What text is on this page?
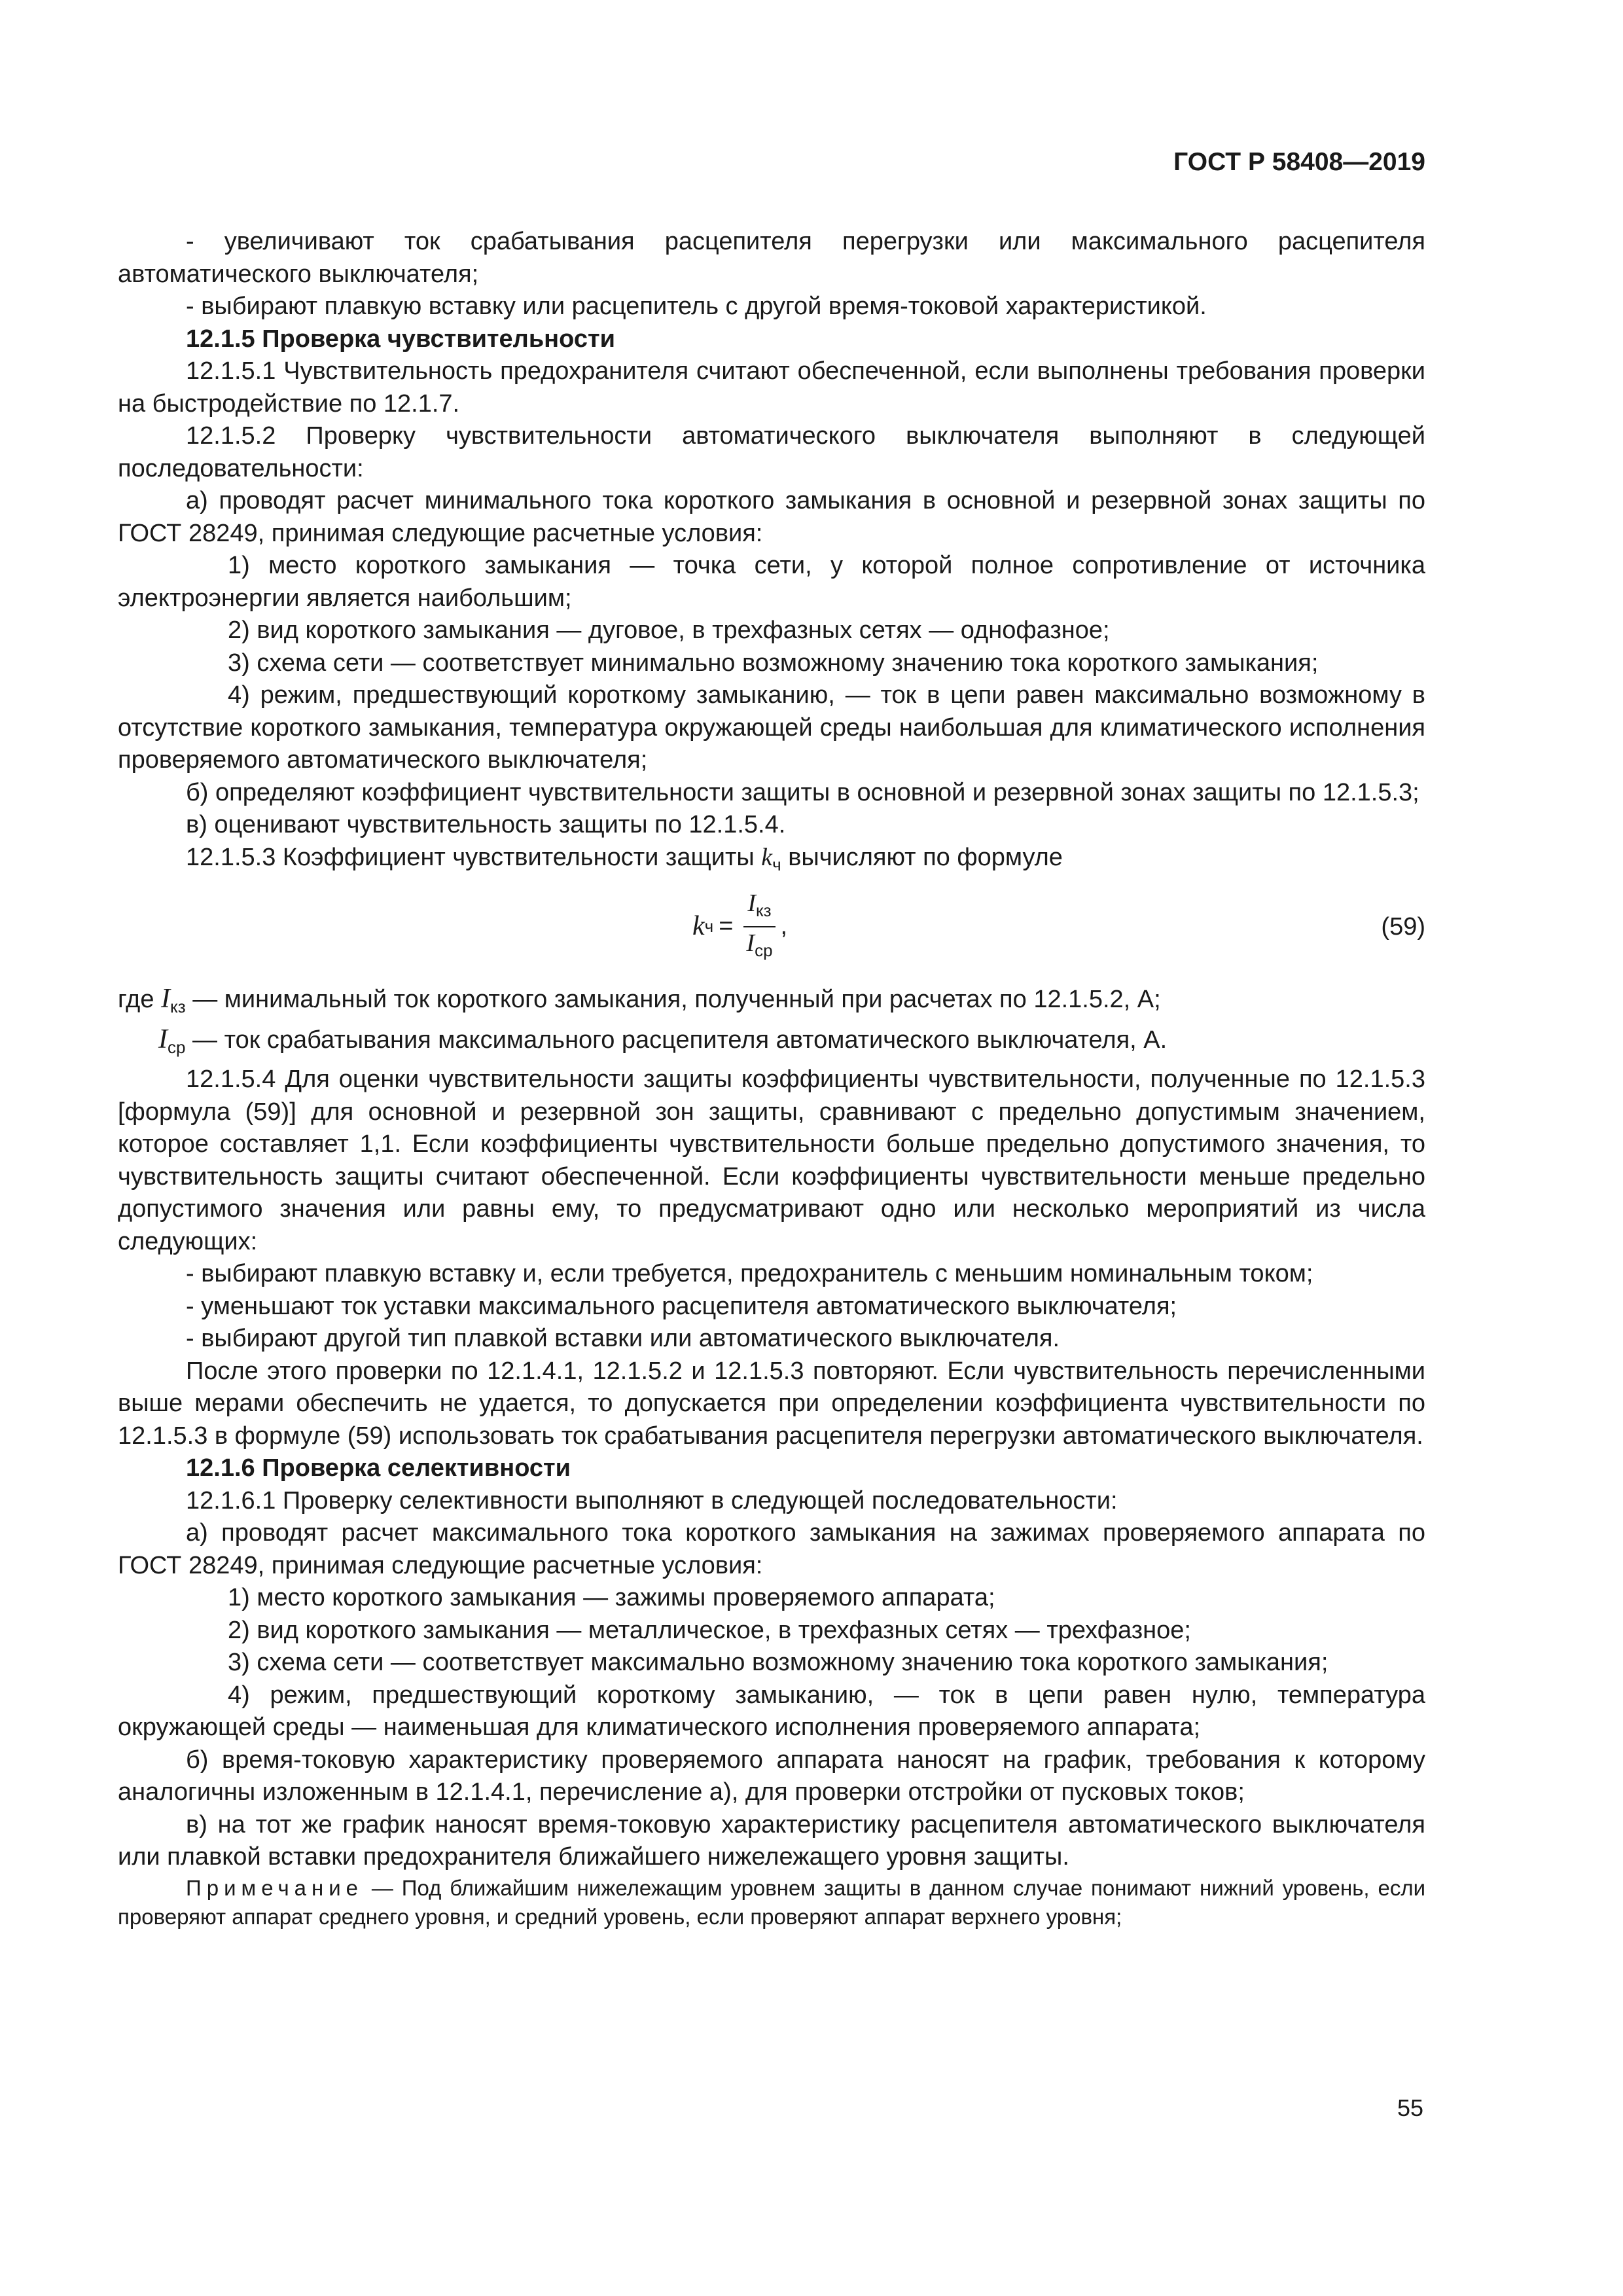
ГОСТ Р 58408—2019

- увеличивают ток срабатывания расцепителя перегрузки или максимального расцепителя автоматического выключателя;

- выбирают плавкую вставку или расцепитель с другой время-токовой характеристикой.

12.1.5 Проверка чувствительности

12.1.5.1 Чувствительность предохранителя считают обеспеченной, если выполнены требования проверки на быстродействие по 12.1.7.

12.1.5.2 Проверку чувствительности автоматического выключателя выполняют в следующей последовательности:

а) проводят расчет минимального тока короткого замыкания в основной и резервной зонах защиты по ГОСТ 28249, принимая следующие расчетные условия:

1) место короткого замыкания — точка сети, у которой полное сопротивление от источника электроэнергии является наибольшим;

2) вид короткого замыкания — дуговое, в трехфазных сетях — однофазное;

3) схема сети — соответствует минимально возможному значению тока короткого замыкания;

4) режим, предшествующий короткому замыканию, — ток в цепи равен максимально возможному в отсутствие короткого замыкания, температура окружающей среды наибольшая для климатического исполнения проверяемого автоматического выключателя;

б) определяют коэффициент чувствительности защиты в основной и резервной зонах защиты по 12.1.5.3;

в) оценивают чувствительность защиты по 12.1.5.4.

12.1.5.3 Коэффициент чувствительности защиты $k_ч$ вычисляют по формуле

k $ч = \frac{I_{кз}}{I_{ср}}$ ,	(59)

где $I_{кз}$ — минимальный ток короткого замыкания, полученный при расчетах по 12.1.5.2, А;

$I_{ср}$ — ток срабатывания максимального расцепителя автоматического выключателя, А.

12.1.5.4 Для оценки чувствительности защиты коэффициенты чувствительности, полученные по 12.1.5.3 [формула (59)] для основной и резервной зон защиты, сравнивают с предельно допустимым значением, которое составляет 1,1. Если коэффициенты чувствительности больше предельно допустимого значения, то чувствительность защиты считают обеспеченной. Если коэффициенты чувствительности меньше предельно допустимого значения или равны ему, то предусматривают одно или несколько мероприятий из числа следующих:

- выбирают плавкую вставку и, если требуется, предохранитель с меньшим номинальным током;

- уменьшают ток уставки максимального расцепителя автоматического выключателя;

- выбирают другой тип плавкой вставки или автоматического выключателя.

После этого проверки по 12.1.4.1, 12.1.5.2 и 12.1.5.3 повторяют. Если чувствительность перечисленными выше мерами обеспечить не удается, то допускается при определении коэффициента чувствительности по 12.1.5.3 в формуле (59) использовать ток срабатывания расцепителя перегрузки автоматического выключателя.

12.1.6 Проверка селективности

12.1.6.1 Проверку селективности выполняют в следующей последовательности:

а) проводят расчет максимального тока короткого замыкания на зажимах проверяемого аппарата по ГОСТ 28249, принимая следующие расчетные условия:

1) место короткого замыкания — зажимы проверяемого аппарата;

2) вид короткого замыкания — металлическое, в трехфазных сетях — трехфазное;

3) схема сети — соответствует максимально возможному значению тока короткого замыкания;

4) режим, предшествующий короткому замыканию, — ток в цепи равен нулю, температура окружающей среды — наименьшая для климатического исполнения проверяемого аппарата;

б) время-токовую характеристику проверяемого аппарата наносят на график, требования к которому аналогичны изложенным в 12.1.4.1, перечисление а), для проверки отстройки от пусковых токов;

в) на тот же график наносят время-токовую характеристику расцепителя автоматического выключателя или плавкой вставки предохранителя ближайшего нижележащего уровня защиты.

Примечание — Под ближайшим нижележащим уровнем защиты в данном случае понимают нижний уровень, если проверяют аппарат среднего уровня, и средний уровень, если проверяют аппарат верхнего уровня;

55
